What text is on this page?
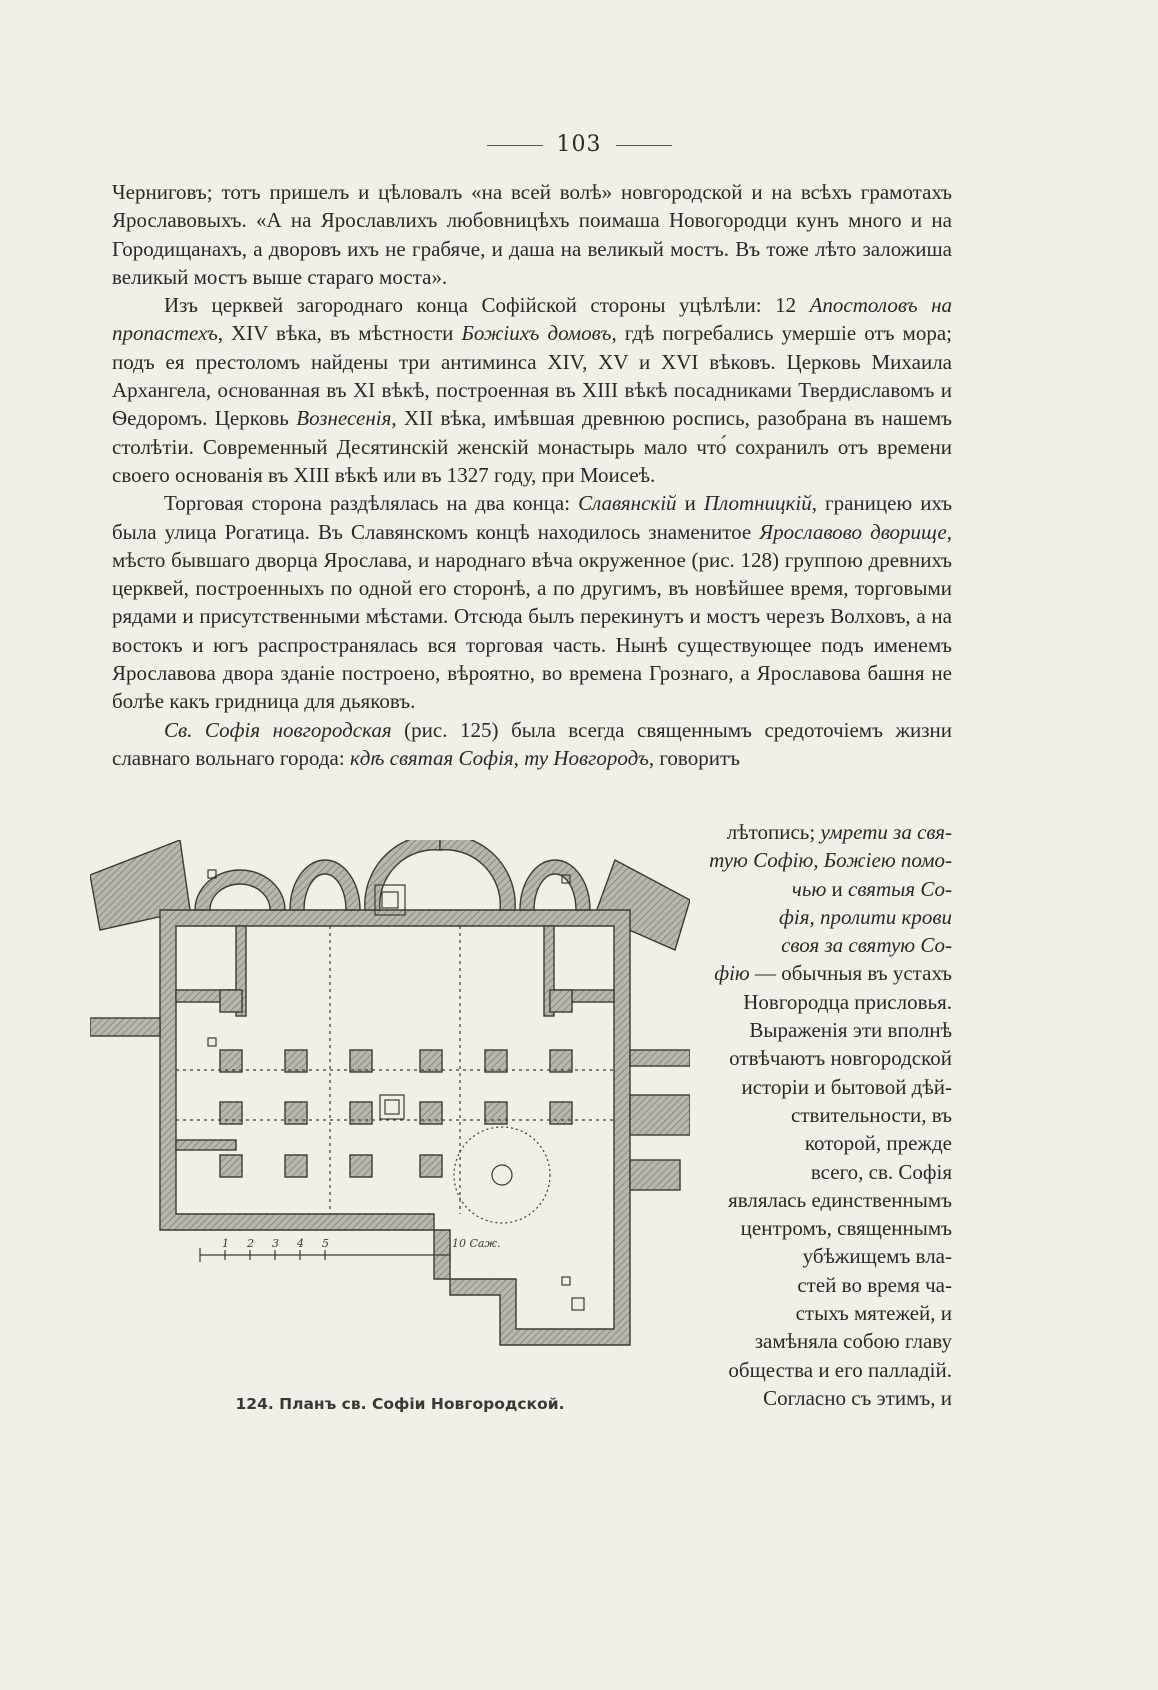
103

Черниговъ; тотъ пришелъ и цѣловалъ «на всей волѣ» новгородской и на всѣхъ грамотахъ Ярославовыхъ. «А на Ярославлихъ любовницѣхъ поимаша Новогородци кунъ много и на Городищанахъ, а дворовъ ихъ не грабяче, и даша на великый мостъ. Въ тоже лѣто заложиша великый мостъ выше стараго моста».

Изъ церквей загороднаго конца Софійской стороны уцѣлѣли: 12 Апостоловъ на пропастехъ, XIV вѣка, въ мѣстности Божіихъ домовъ, гдѣ погребались умершіе отъ мора; подъ ея престоломъ найдены три антиминса XIV, XV и XVI вѣковъ. Церковь Михаила Архангела, основанная въ XI вѣкѣ, построенная въ XIII вѣкѣ посадниками Твердиславомъ и Ѳедоромъ. Церковь Вознесенія, XII вѣка, имѣвшая древнюю роспись, разобрана въ нашемъ столѣтіи. Современный Десятинскій женскій монастырь мало что́ сохранилъ отъ времени своего основанія въ XIII вѣкѣ или въ 1327 году, при Моисеѣ.

Торговая сторона раздѣлялась на два конца: Славянскій и Плотницкій, границею ихъ была улица Рогатица. Въ Славянскомъ концѣ находилось знаменитое Ярославово дворище, мѣсто бывшаго дворца Ярослава, и народнаго вѣча окруженное (рис. 128) группою древнихъ церквей, построенныхъ по одной его сторонѣ, а по другимъ, въ новѣйшее время, торговыми рядами и присутственными мѣстами. Отсюда былъ перекинутъ и мостъ черезъ Волховъ, а на востокъ и югъ распространялась вся торговая часть. Нынѣ существующее подъ именемъ Ярославова двора зданіе построено, вѣроятно, во времена Грознаго, а Ярославова башня не болѣе какъ гридница для дьяковъ.

Св. Софія новгородская (рис. 125) была всегда священнымъ средоточіемъ жизни славнаго вольнаго города: кдѣ святая Софія, ту Новгородъ, говоритъ

лѣтопись; умрети за свя-
тую Софію, Божіею помо-
чью и святыя Со-
фія, пролити крови
своя за святую Со-
фію — обычныя въ устахъ
Новгородца присловья.
Выраженія эти вполнѣ
отвѣчаютъ новгородской
исторіи и бытовой дѣй-
ствительности, въ
которой, прежде
всего, св. Софія
являлась единственнымъ
центромъ, священнымъ
убѣжищемъ вла-
стей во время ча-
стыхъ мятежей, и
замѣняла собою главу
общества и его палладій.
Согласно съ этимъ, и
1 2 3 4 5	10 Саж.
124. Планъ св. Софіи Новгородской.
